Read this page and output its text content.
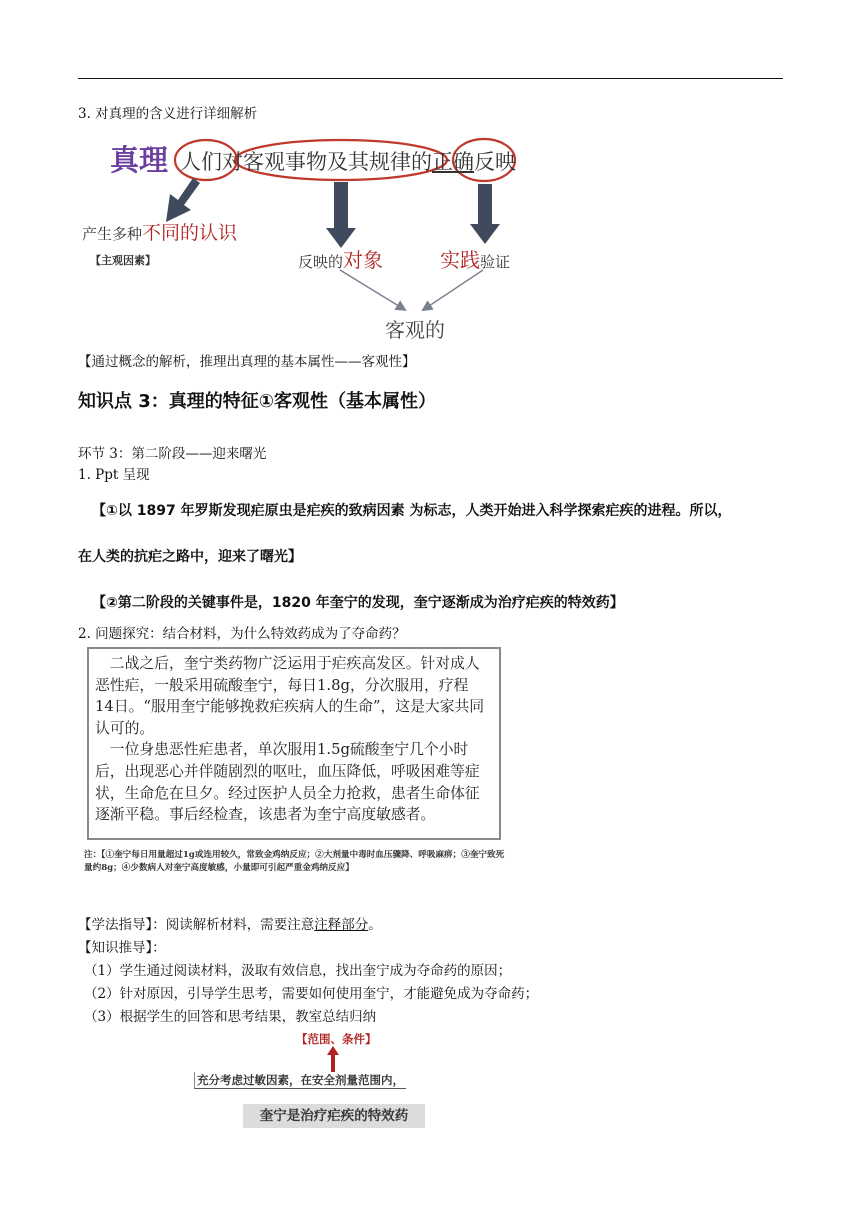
3. 对真理的含义进行详细解析
真理 人们对客观事物及其规律的正确反映
产生多种不同的认识
【主观因素】	反映的对象	实践验证
客观的
【通过概念的解析，推理出真理的基本属性——客观性】
知识点 3：真理的特征①客观性（基本属性）
环节 3：第二阶段——迎来曙光
1. Ppt 呈现
【①以 1897 年罗斯发现疟原虫是疟疾的致病因素 为标志，人类开始进入科学探索疟疾的进程。所以，
在人类的抗疟之路中，迎来了曙光】
【②第二阶段的关键事件是，1820 年奎宁的发现，奎宁逐渐成为治疗疟疾的特效药】
2. 问题探究：结合材料，为什么特效药成为了夺命药？

二战之后，奎宁类药物广泛运用于疟疾高发区。针对成人恶性疟，一般采用硫酸奎宁，每日1.8g，分次服用，疗程 14日。“服用奎宁能够挽救疟疾病人的生命”，这是大家共同认可的。

一位身患恶性疟患者，单次服用1.5g硫酸奎宁几个小时后，出现恶心并伴随剧烈的呕吐，血压降低，呼吸困难等症状，生命危在旦夕。经过医护人员全力抢救，患者生命体征逐渐平稳。事后经检查，该患者为奎宁高度敏感者。

注：【①奎宁每日用量超过1g或连用较久，常致金鸡纳反应；②大剂量中毒时血压骤降、呼吸麻痹；③奎宁致死量约8g；④少数病人对奎宁高度敏感，小量即可引起严重金鸡纳反应】
【学法指导】：阅读解析材料，需要注意注释部分。
【知识推导】：
（1）学生通过阅读材料，汲取有效信息，找出奎宁成为夺命药的原因；
（2）针对原因，引导学生思考，需要如何使用奎宁，才能避免成为夺命药；
（3）根据学生的回答和思考结果，教室总结归纳
【范围、条件】
充分考虑过敏因素，在安全剂量范围内，
奎宁是治疗疟疾的特效药
